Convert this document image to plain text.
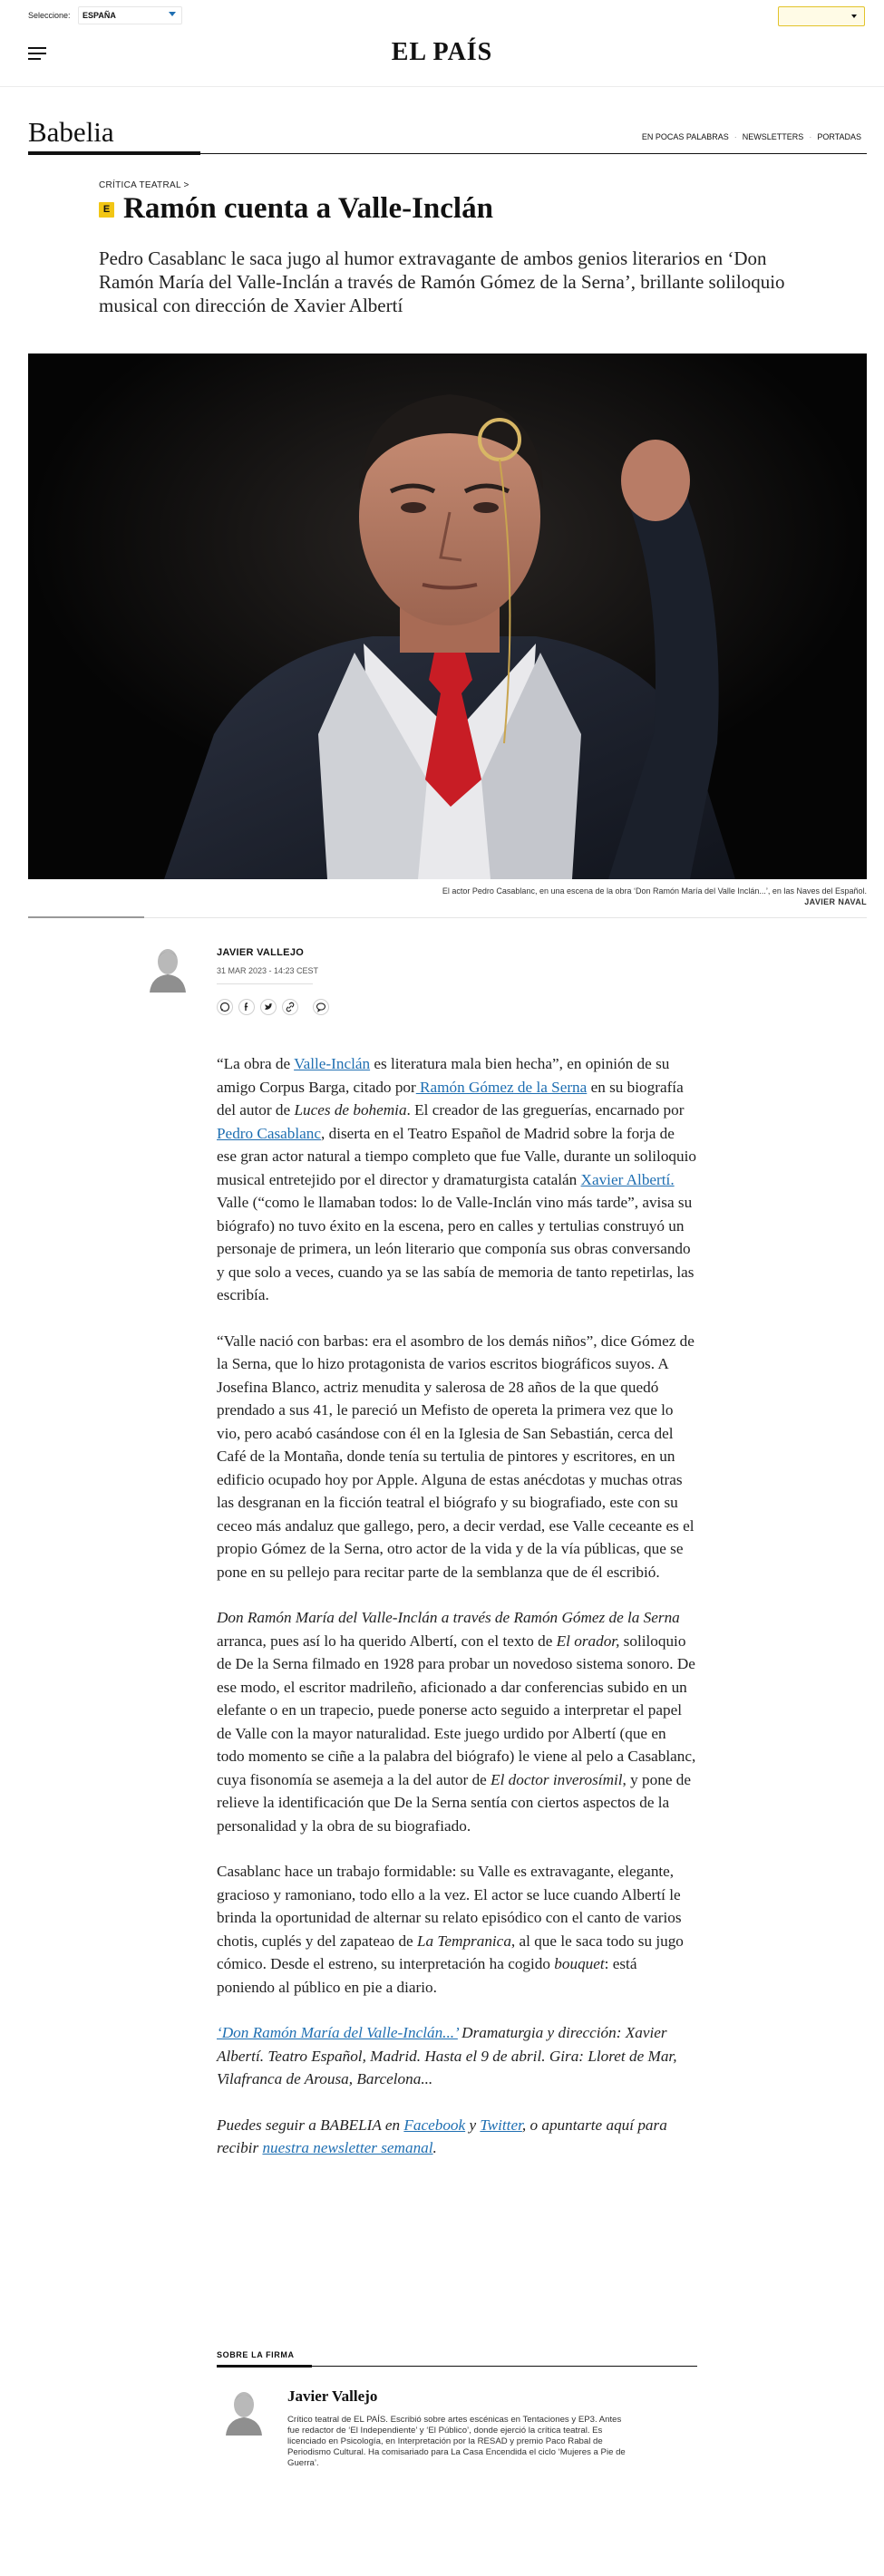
Seleccione:	ESPAÑA
EL PAÍS
Babelia	EN POCAS PALABRAS · NEWSLETTERS · PORTADAS
CRÍTICA TEATRAL >
E Ramón cuenta a Valle-Inclán
Pedro Casablanc le saca jugo al humor extravagante de ambos genios literarios en ‘Don Ramón María del Valle-Inclán a través de Ramón Gómez de la Serna’, brillante soliloquio musical con dirección de Xavier Albertí
El actor Pedro Casablanc, en una escena de la obra ‘Don Ramón María del Valle Inclán...’, en las Naves del Español.
JAVIER NAVAL
JAVIER VALLEJO
31 MAR 2023 - 14:23 CEST

“La obra de Valle-Inclán es literatura mala bien hecha”, en opinión de su amigo Corpus Barga, citado por Ramón Gómez de la Serna en su biografía del autor de Luces de bohemia. El creador de las greguerías, encarnado por Pedro Casablanc, diserta en el Teatro Español de Madrid sobre la forja de ese gran actor natural a tiempo completo que fue Valle, durante un soliloquio musical entretejido por el director y dramaturgista catalán Xavier Albertí. Valle (“como le llamaban todos: lo de Valle-Inclán vino más tarde”, avisa su biógrafo) no tuvo éxito en la escena, pero en calles y tertulias construyó un personaje de primera, un león literario que componía sus obras conversando y que solo a veces, cuando ya se las sabía de memoria de tanto repetirlas, las escribía.

“Valle nació con barbas: era el asombro de los demás niños”, dice Gómez de la Serna, que lo hizo protagonista de varios escritos biográficos suyos. A Josefina Blanco, actriz menudita y salerosa de 28 años de la que quedó prendado a sus 41, le pareció un Mefisto de opereta la primera vez que lo vio, pero acabó casándose con él en la Iglesia de San Sebastián, cerca del Café de la Montaña, donde tenía su tertulia de pintores y escritores, en un edificio ocupado hoy por Apple. Alguna de estas anécdotas y muchas otras las desgranan en la ficción teatral el biógrafo y su biografiado, este con su ceceo más andaluz que gallego, pero, a decir verdad, ese Valle ceceante es el propio Gómez de la Serna, otro actor de la vida y de la vía públicas, que se pone en su pellejo para recitar parte de la semblanza que de él escribió.

Don Ramón María del Valle-Inclán a través de Ramón Gómez de la Serna arranca, pues así lo ha querido Albertí, con el texto de El orador, soliloquio de De la Serna filmado en 1928 para probar un novedoso sistema sonoro. De ese modo, el escritor madrileño, aficionado a dar conferencias subido en un elefante o en un trapecio, puede ponerse acto seguido a interpretar el papel de Valle con la mayor naturalidad. Este juego urdido por Albertí (que en todo momento se ciñe a la palabra del biógrafo) le viene al pelo a Casablanc, cuya fisonomía se asemeja a la del autor de El doctor inverosímil, y pone de relieve la identificación que De la Serna sentía con ciertos aspectos de la personalidad y la obra de su biografiado.

Casablanc hace un trabajo formidable: su Valle es extravagante, elegante, gracioso y ramoniano, todo ello a la vez. El actor se luce cuando Albertí le brinda la oportunidad de alternar su relato episódico con el canto de varios chotis, cuplés y del zapateao de La Tempranica, al que le saca todo su jugo cómico. Desde el estreno, su interpretación ha cogido bouquet: está poniendo al público en pie a diario.

‘Don Ramón María del Valle-Inclán...’ Dramaturgia y dirección: Xavier Albertí. Teatro Español, Madrid. Hasta el 9 de abril. Gira: Lloret de Mar, Vilafranca de Arousa, Barcelona...

Puedes seguir a BABELIA en Facebook y Twitter, o apuntarte aquí para recibir nuestra newsletter semanal.

SOBRE LA FIRMA
Javier Vallejo
Crítico teatral de EL PAÍS. Escribió sobre artes escénicas en Tentaciones y EP3. Antes fue redactor de ‘El Independiente’ y ‘El Público’, donde ejerció la crítica teatral. Es licenciado en Psicología, en Interpretación por la RESAD y premio Paco Rabal de Periodismo Cultural. Ha comisariado para La Casa Encendida el ciclo ‘Mujeres a Pie de Guerra’.
